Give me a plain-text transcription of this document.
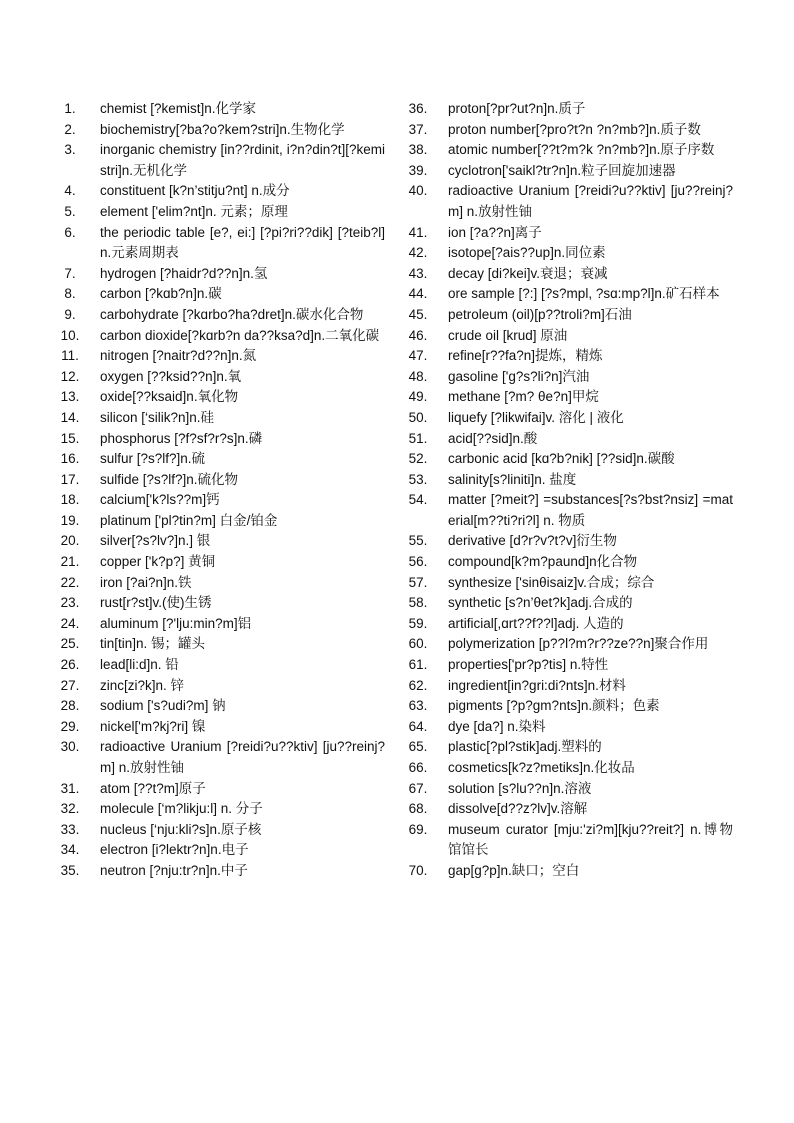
1.	chemist [?kemist]n.化学家
2.	biochemistry[?ba?o?kem?stri]n.生物化学
3.	inorganic chemistry [in??rdinit, i?n?din?t][?kemistri]n.无机化学
4.	constituent [k?n’stitju?nt] n.成分
5.	element ['elim?nt]n. 元素；原理
6.	the periodic table [e?, ei:] [?pi?ri??dik] [?teib?l]n.元素周期表
7.	hydrogen [?haidr?d??n]n.氢
8.	carbon [?kɑb?n]n.碳
9.	carbohydrate [?kɑrbo?ha?dret]n.碳水化合物
10.	carbon dioxide[?kɑrb?n da??ksa?d]n.二氧化碳
11.	nitrogen [?naitr?d??n]n.氮
12.	oxygen [??ksid??n]n.氧
13.	oxide[??ksaid]n.氧化物
14.	silicon [‘silik?n]n.硅
15.	phosphorus [?f?sf?r?s]n.磷
16.	sulfur [?s?lf?]n.硫
17.	sulfide [?s?lf?]n.硫化物
18.	calcium['k?ls??m]钙
19.	platinum ['pl?tin?m] 白金/铂金
20.	silver[?s?lv?]n.] 银
21.	copper ['k?p?] 黄铜
22.	iron [?ai?n]n.铁
23.	rust[r?st]v.(使)生锈
24.	aluminum [?'lju:min?m]铝
25.	tin[tin]n. 锡；罐头
26.	lead[li:d]n. 铅
27.	zinc[zi?k]n. 锌
28.	sodium ['s?udi?m] 钠
29.	nickel['m?kj?ri] 镍
30.	radioactive Uranium [?reidi?u??ktiv] [ju??reinj?m] n.放射性铀
31.	atom [??t?m]原子
32.	molecule [‘m?likju:l] n. 分子
33.	nucleus [‘nju:kli?s]n.原子核
34.	electron [i?lektr?n]n.电子
35.	neutron [?nju:tr?n]n.中子
36.	proton[?pr?ut?n]n.质子
37.	proton number[?pro?t?n ?n?mb?]n.质子数
38.	atomic number[??t?m?k ?n?mb?]n.原子序数
39.	cyclotron['saikl?tr?n]n.粒子回旋加速器
40.	radioactive Uranium [?reidi?u??ktiv] [ju??reinj?m] n.放射性铀
41.	ion [?a??n]离子
42.	isotope[?ais??up]n.同位素
43.	decay [di?kei]v.衰退；衰减
44.	ore sample [?:] [?s?mpl, ?sɑ:mp?l]n.矿石样本
45.	petroleum (oil)[p??troli?m]石油
46.	crude oil [krud] 原油
47.	refine[r??fa?n]提炼，精炼
48.	gasoline ['g?s?li?n]汽油
49.	methane [?m? θe?n]甲烷
50.	liquefy [?likwifai]v. 溶化 | 液化
51.	acid[??sid]n.酸
52.	carbonic acid [kɑ?b?nik] [??sid]n.碳酸
53.	salinity[s?liniti]n. 盐度
54.	matter [?meit?] =substances[?s?bst?nsiz] =material[m??ti?ri?l] n. 物质
55.	derivative [d?r?v?t?v]衍生物
56.	compound[k?m?paund]n化合物
57.	synthesize ['sinθisaiz]v.合成；综合
58.	synthetic [s?n’θet?k]adj.合成的
59.	artificial[,ɑrt??f??l]adj. 人造的
60.	polymerization [p??l?m?r??ze??n]聚合作用
61.	properties['pr?p?tis] n.特性
62.	ingredient[in?gri:di?nts]n.材料
63.	pigments [?p?gm?nts]n.颜料；色素
64.	dye [da?] n.染料
65.	plastic[?pl?stik]adj.塑料的
66.	cosmetics[k?z?metiks]n.化妆品
67.	solution [s?lu??n]n.溶液
68.	dissolve[d??z?lv]v.溶解
69.	museum curator [mju:'zi?m][kju??reit?] n.博物馆馆长
70.	gap[g?p]n.缺口；空白
